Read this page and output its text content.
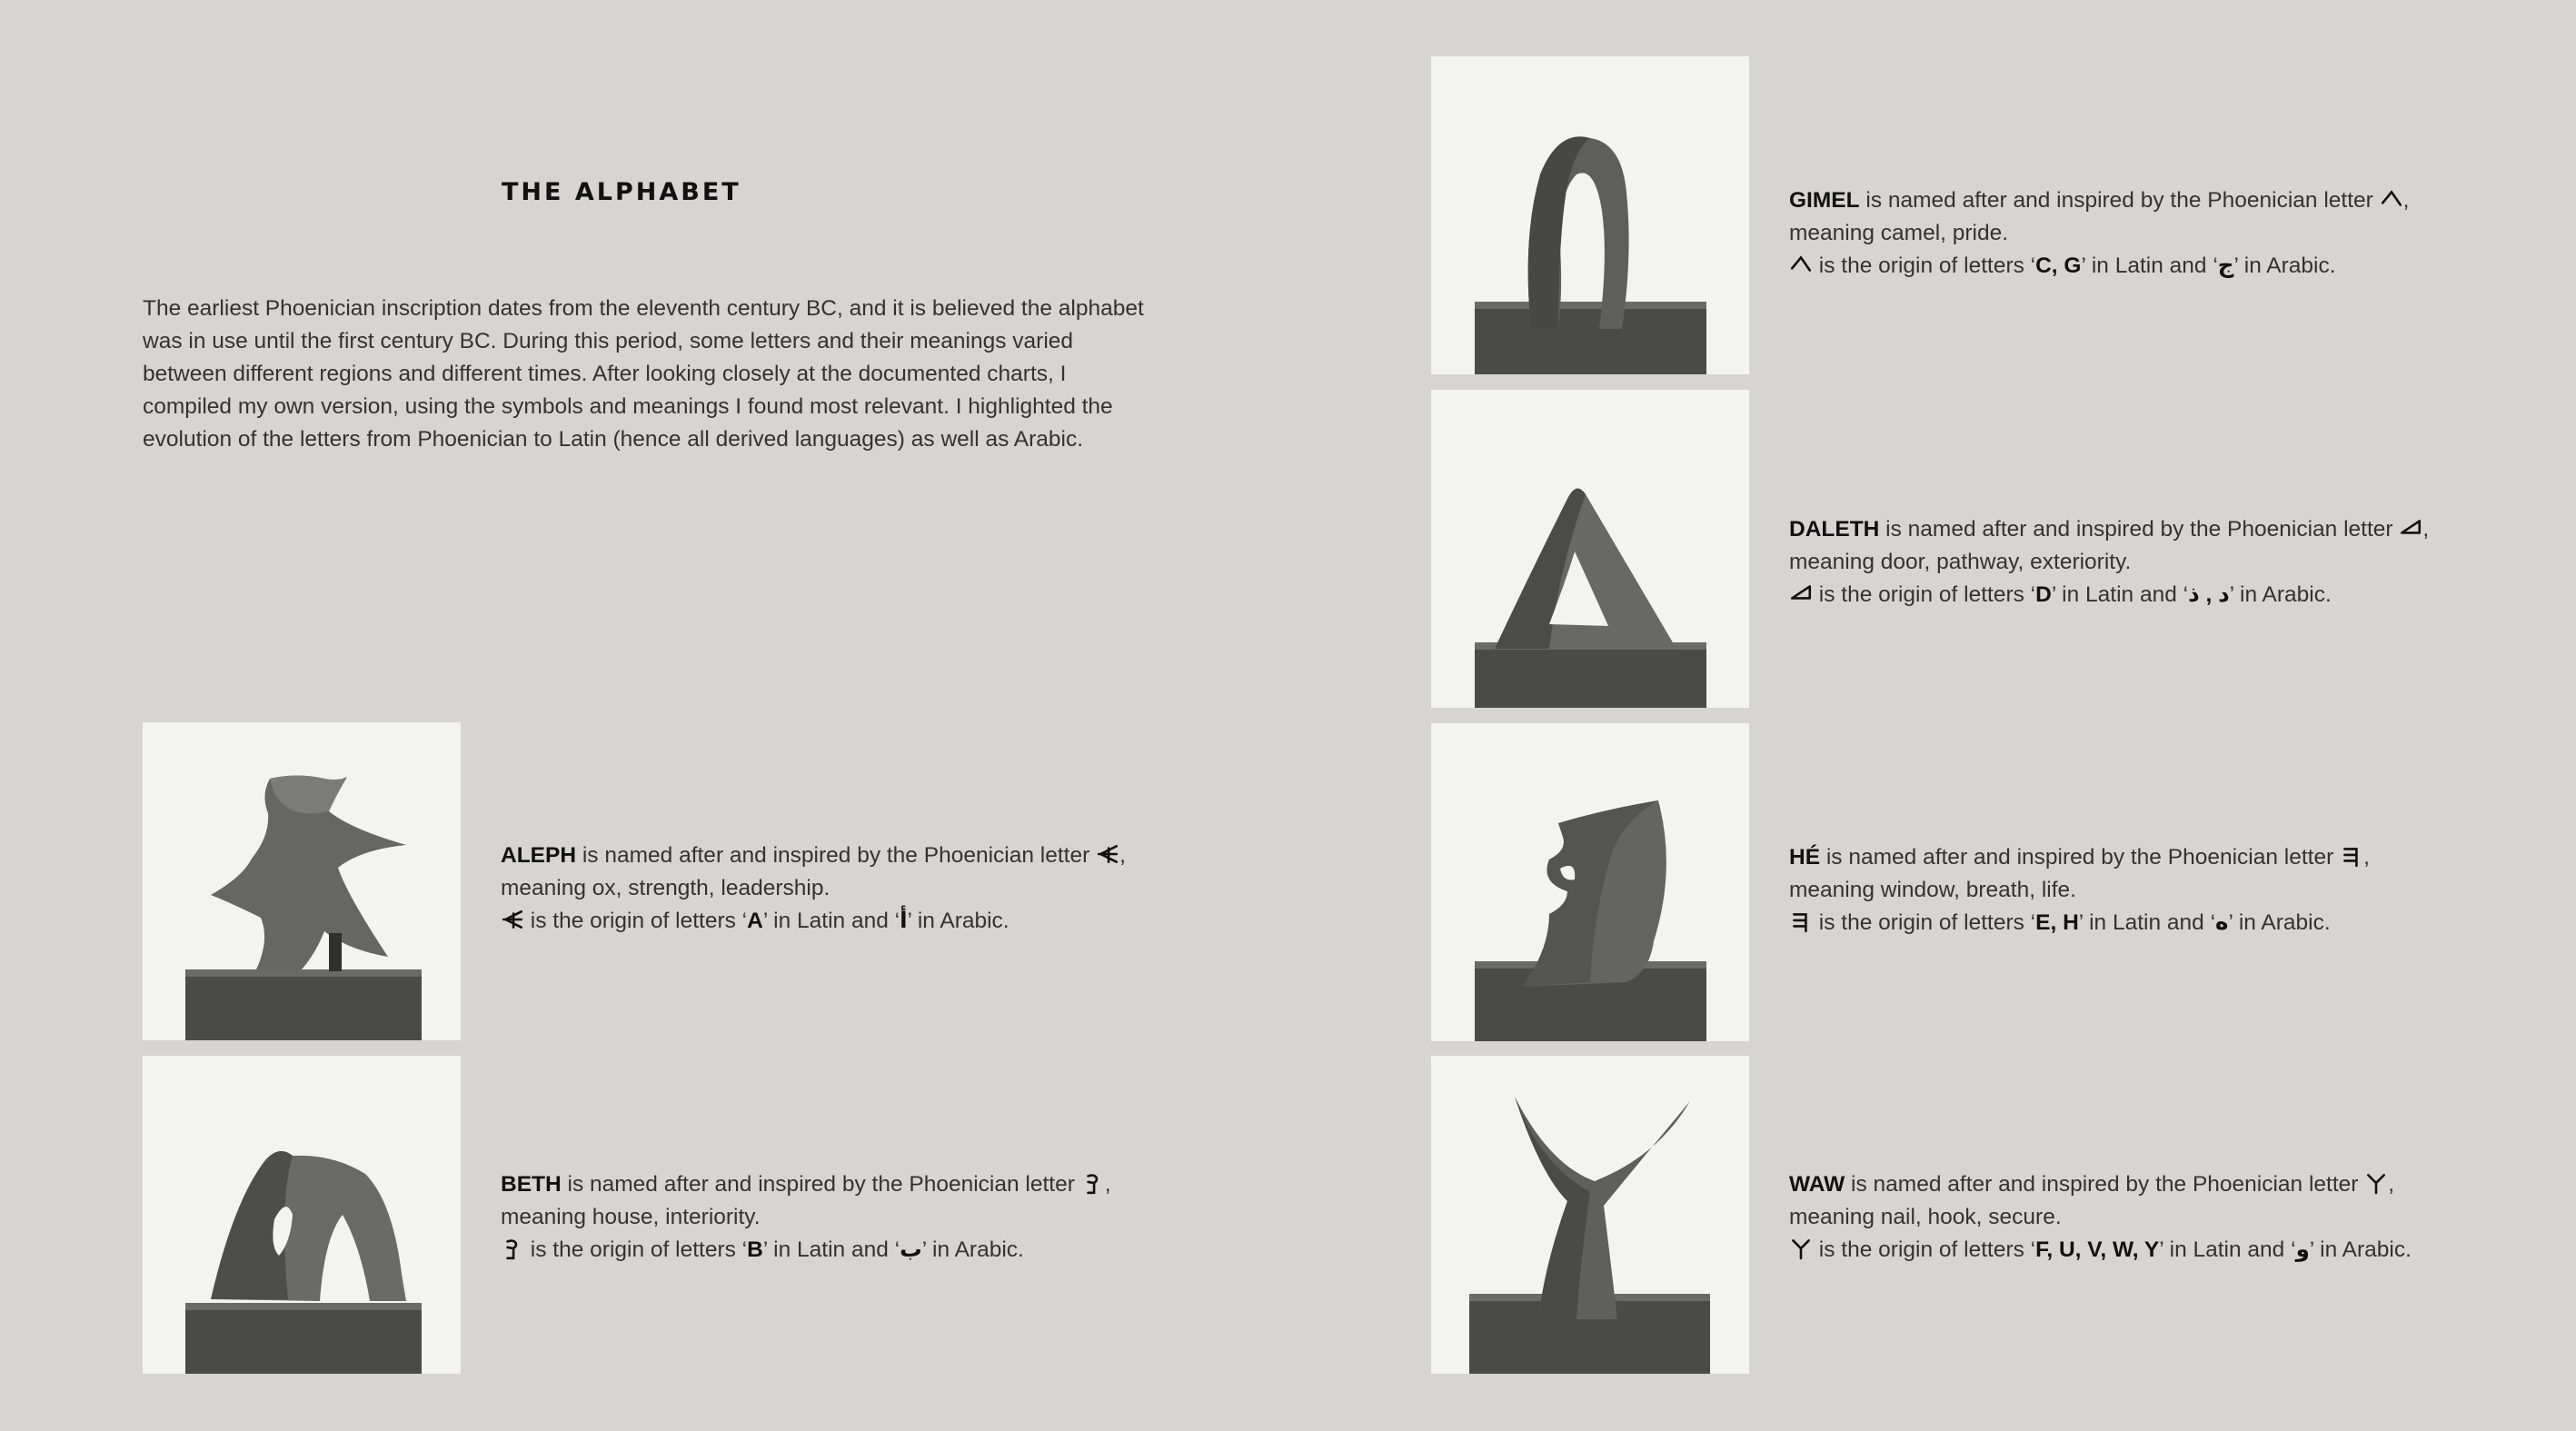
THE ALPHABET

The earliest Phoenician inscription dates from the eleventh century BC, and it is believed the alphabet was in use until the first century BC. During this period, some letters and their meanings varied between different regions and different times. After looking closely at the documented charts, I compiled my own version, using the symbols and meanings I found most relevant. I highlighted the evolution of the letters from Phoenician to Latin (hence all derived languages) as well as Arabic.

ALEPH is named after and inspired by the Phoenician letter ,

meaning ox, strength, leadership.

is the origin of letters ‘A’ in Latin and ‘أ’ in Arabic.

BETH is named after and inspired by the Phoenician letter ,

meaning house, interiority.

is the origin of letters ‘B’ in Latin and ‘ب’ in Arabic.

GIMEL is named after and inspired by the Phoenician letter ,

meaning camel, pride.

is the origin of letters ‘C, G’ in Latin and ‘ج’ in Arabic.

DALETH is named after and inspired by the Phoenician letter ,

meaning door, pathway, exteriority.

is the origin of letters ‘D’ in Latin and ‘د , ذ’ in Arabic.

HÉ is named after and inspired by the Phoenician letter ,

meaning window, breath, life.

is the origin of letters ‘E, H’ in Latin and ‘ه’ in Arabic.

WAW is named after and inspired by the Phoenician letter ,

meaning nail, hook, secure.

is the origin of letters ‘F, U, V, W, Y’ in Latin and ‘و’ in Arabic.
